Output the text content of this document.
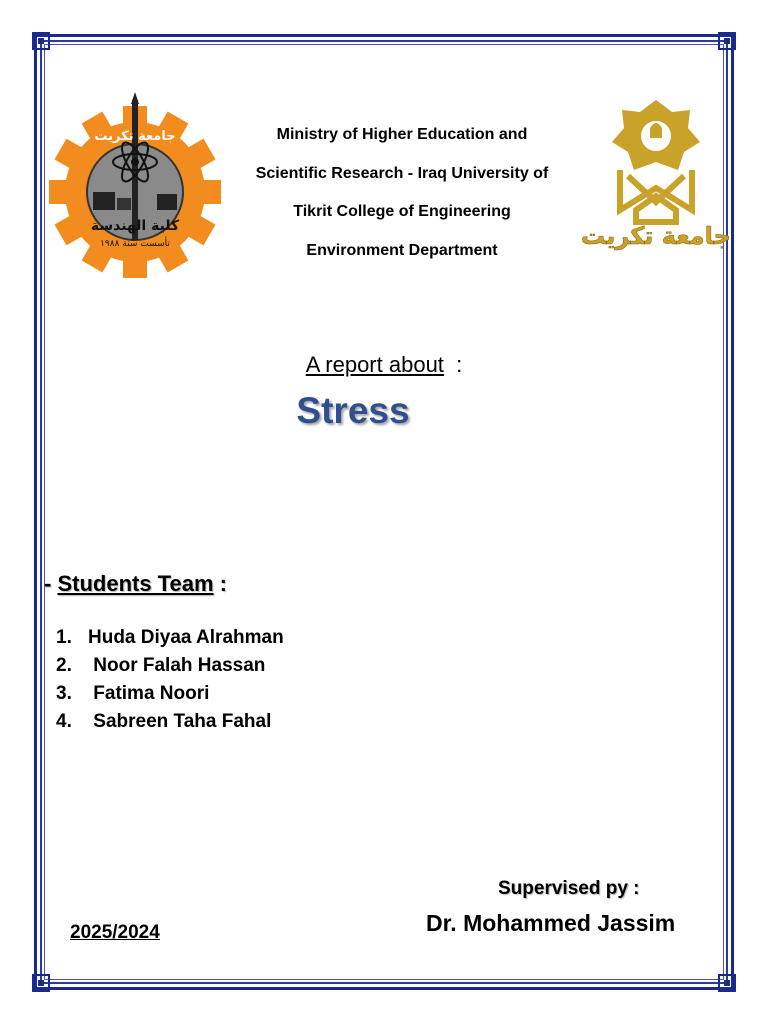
جامعة تكريت
كلية الهندسة
تأسست سنة ١٩٨٨	جامعة تكريت
Ministry of Higher Education and
Scientific Research - Iraq University of
Tikrit College of Engineering
Environment Department
A report about :
Stress
- Students Team :
1. Huda Diyaa Alrahman
2. Noor Falah Hassan
3. Fatima Noori
4. Sabreen Taha Fahal
Supervised py :
Dr. Mohammed Jassim
2025/2024
